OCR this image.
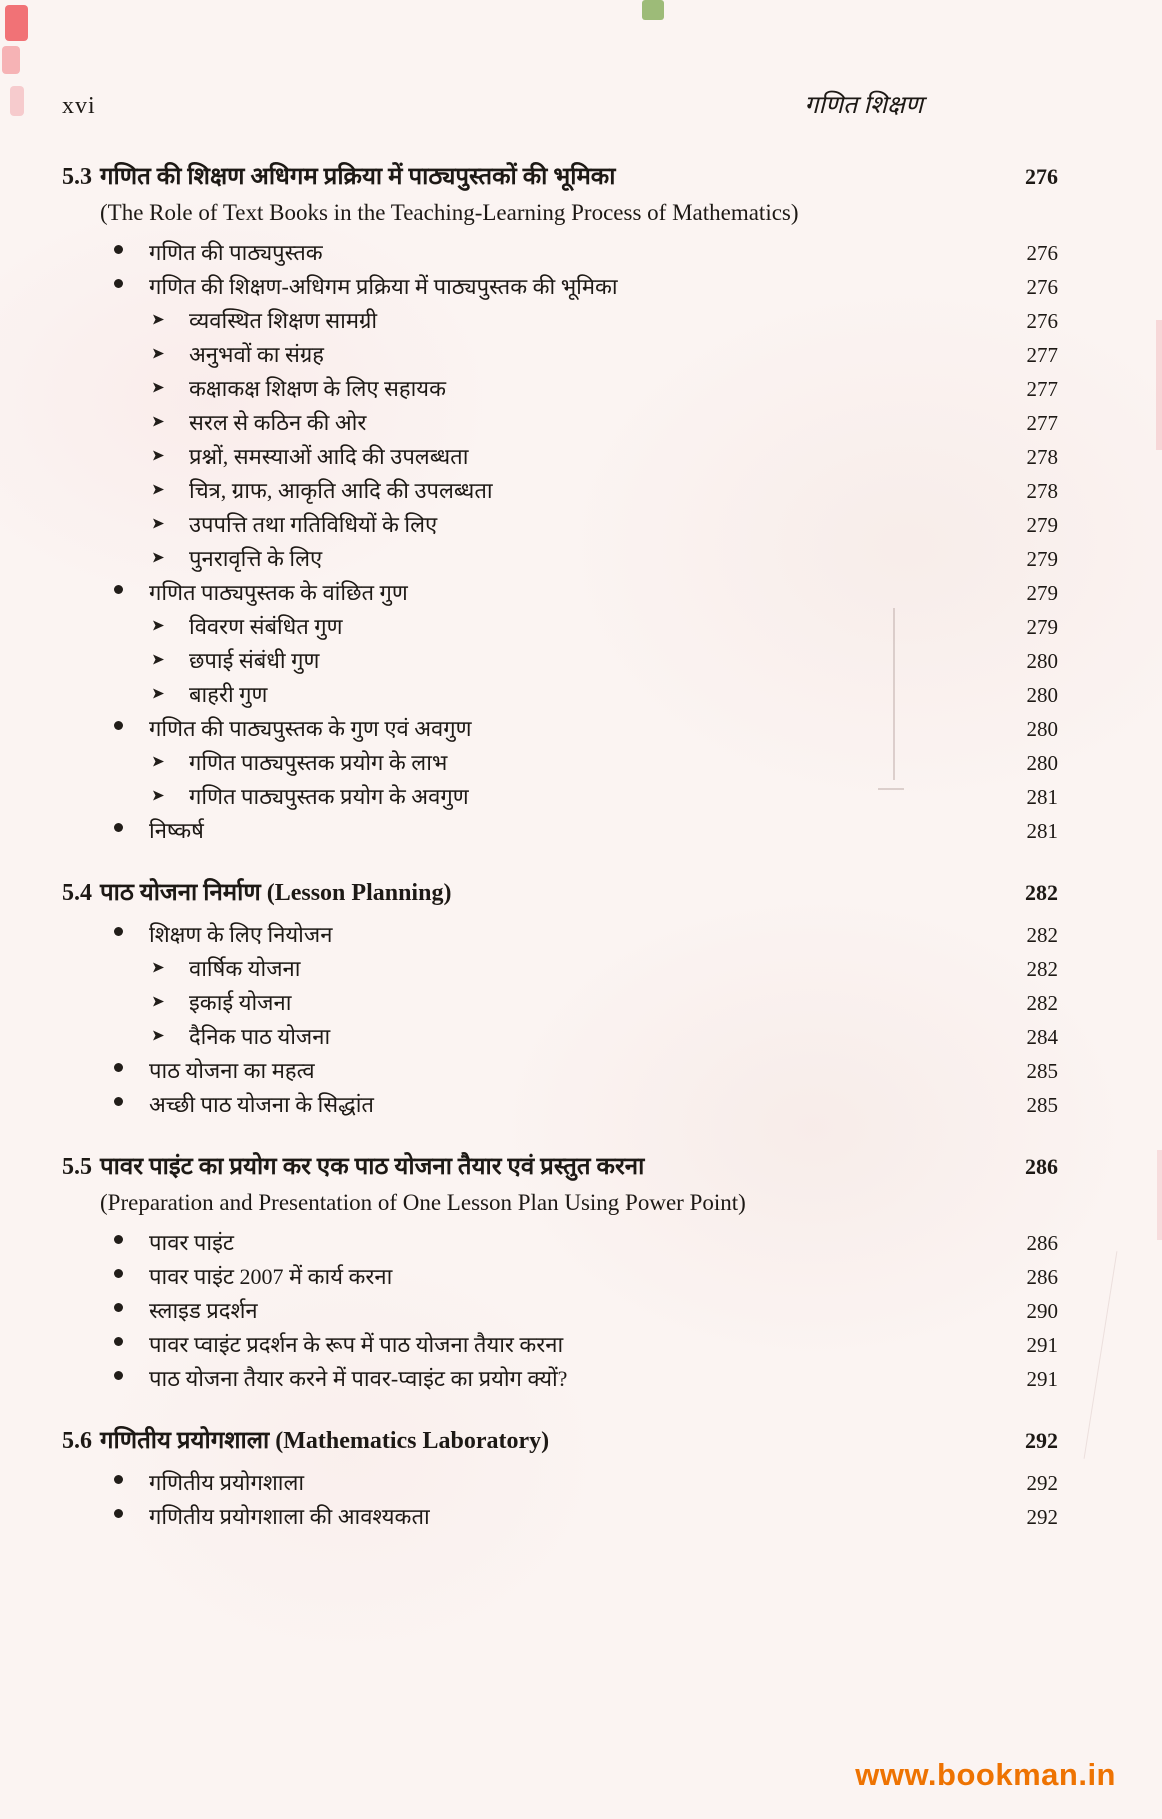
xvi	गणित शिक्षण
5.3 गणित की शिक्षण अधिगम प्रक्रिया में पाठ्यपुस्तकों की भूमिका	276
(The Role of Text Books in the Teaching-Learning Process of Mathematics)
गणित की पाठ्यपुस्तक	276
गणित की शिक्षण-अधिगम प्रक्रिया में पाठ्यपुस्तक की भूमिका	276
व्यवस्थित शिक्षण सामग्री	276
अनुभवों का संग्रह	277
कक्षाकक्ष शिक्षण के लिए सहायक	277
सरल से कठिन की ओर	277
प्रश्नों, समस्याओं आदि की उपलब्धता	278
चित्र, ग्राफ, आकृति आदि की उपलब्धता	278
उपपत्ति तथा गतिविधियों के लिए	279
पुनरावृत्ति के लिए	279
गणित पाठ्यपुस्तक के वांछित गुण	279
विवरण संबंधित गुण	279
छपाई संबंधी गुण	280
बाहरी गुण	280
गणित की पाठ्यपुस्तक के गुण एवं अवगुण	280
गणित पाठ्यपुस्तक प्रयोग के लाभ	280
गणित पाठ्यपुस्तक प्रयोग के अवगुण	281
निष्कर्ष	281
5.4 पाठ योजना निर्माण (Lesson Planning)	282
शिक्षण के लिए नियोजन	282
वार्षिक योजना	282
इकाई योजना	282
दैनिक पाठ योजना	284
पाठ योजना का महत्व	285
अच्छी पाठ योजना के सिद्धांत	285
5.5 पावर पाइंट का प्रयोग कर एक पाठ योजना तैयार एवं प्रस्तुत करना	286
(Preparation and Presentation of One Lesson Plan Using Power Point)
पावर पाइंट	286
पावर पाइंट 2007 में कार्य करना	286
स्लाइड प्रदर्शन	290
पावर प्वाइंट प्रदर्शन के रूप में पाठ योजना तैयार करना	291
पाठ योजना तैयार करने में पावर-प्वाइंट का प्रयोग क्यों?	291
5.6 गणितीय प्रयोगशाला (Mathematics Laboratory)	292
गणितीय प्रयोगशाला	292
गणितीय प्रयोगशाला की आवश्यकता	292
www.bookman.in
